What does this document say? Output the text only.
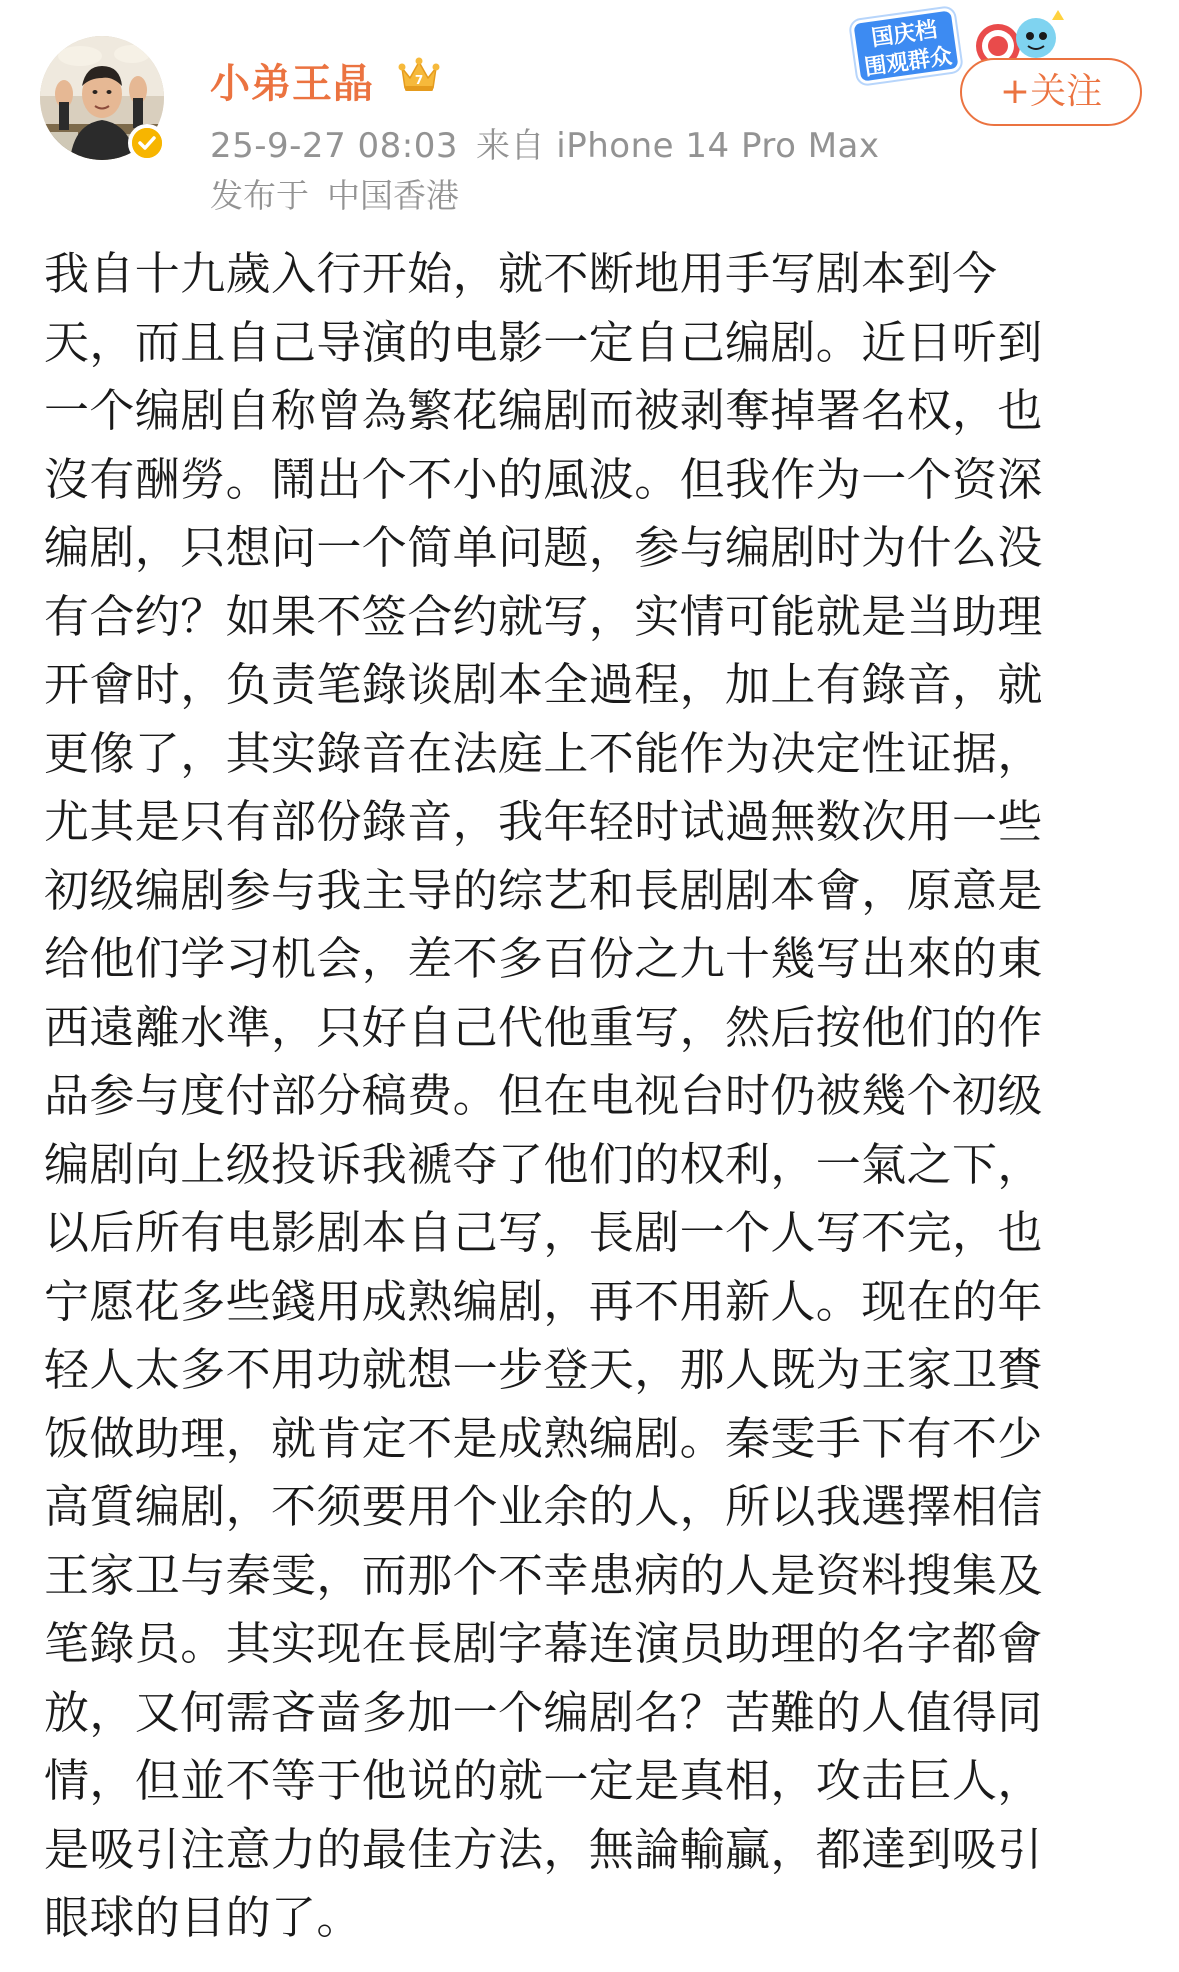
小弟王晶	7
25-9-27 08:03 来自 iPhone 14 Pro Max
发布于 中国香港
国庆档
围观群众
+关注
我自十九歲入行开始，就不断地用手写剧本到今
天，而且自己导演的电影一定自己编剧。近日听到
一个编剧自称曾為繁花编剧而被剥奪掉署名权，也
沒有酬勞。鬧出个不小的風波。但我作为一个资深
编剧，只想问一个简单问题，参与编剧时为什么没
有合约？如果不签合约就写，实情可能就是当助理
开會时，负责笔錄谈剧本全過程，加上有錄音，就
更像了，其实錄音在法庭上不能作为决定性证据，
尤其是只有部份錄音，我年轻时试過無数次用一些
初级编剧参与我主导的综艺和長剧剧本會，原意是
给他们学习机会，差不多百份之九十幾写出來的東
西遠離水準，只好自己代他重写，然后按他们的作
品参与度付部分稿费。但在电视台时仍被幾个初级
编剧向上级投诉我褫夺了他们的权利，一氣之下，
以后所有电影剧本自己写，長剧一个人写不完，也
宁愿花多些錢用成熟编剧，再不用新人。现在的年
轻人太多不用功就想一步登天，那人既为王家卫賚
饭做助理，就肯定不是成熟编剧。秦雯手下有不少
高質编剧，不须要用个业余的人，所以我選擇相信
王家卫与秦雯，而那个不幸患病的人是资料搜集及
笔錄员。其实现在長剧字幕连演员助理的名字都會
放，又何需吝啬多加一个编剧名？苦難的人值得同
情，但並不等于他说的就一定是真相，攻击巨人，
是吸引注意力的最佳方法，無論輸贏，都達到吸引
眼球的目的了。
